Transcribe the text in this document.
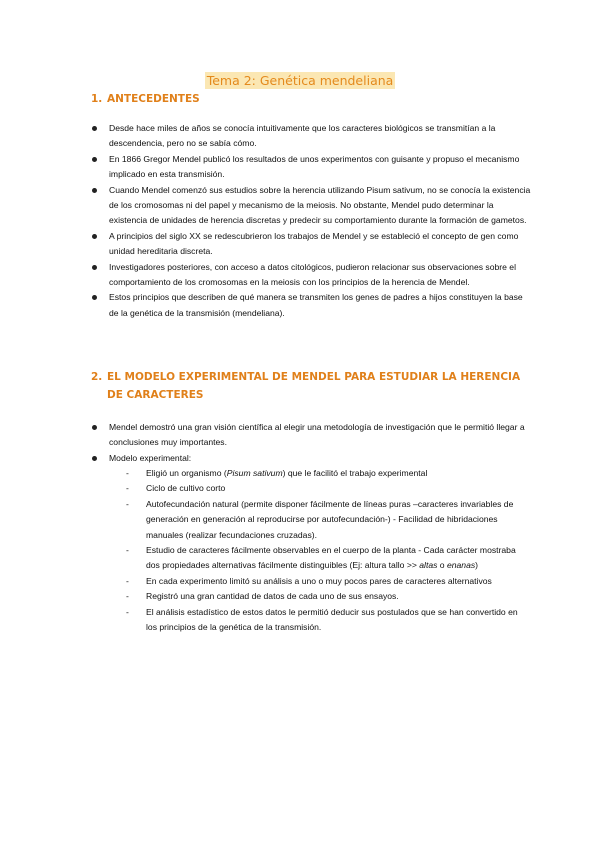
Tema 2: Genética mendeliana
1. ANTECEDENTES
Desde hace miles de años se conocía intuitivamente que los caracteres biológicos se transmitían a la descendencia, pero no se sabía cómo.
En 1866 Gregor Mendel publicó los resultados de unos experimentos con guisante y propuso el mecanismo implicado en esta transmisión.
Cuando Mendel comenzó sus estudios sobre la herencia utilizando Pisum sativum, no se conocía la existencia de los cromosomas ni del papel y mecanismo de la meiosis. No obstante, Mendel pudo determinar la existencia de unidades de herencia discretas y predecir su comportamiento durante la formación de gametos.
A principios del siglo XX se redescubrieron los trabajos de Mendel y se estableció el concepto de gen como unidad hereditaria discreta.
Investigadores posteriores, con acceso a datos citológicos, pudieron relacionar sus observaciones sobre el comportamiento de los cromosomas en la meiosis con los principios de la herencia de Mendel.
Estos principios que describen de qué manera se transmiten los genes de padres a hijos constituyen la base de la genética de la transmisión (mendeliana).
2. EL MODELO EXPERIMENTAL DE MENDEL PARA ESTUDIAR LA HERENCIA DE CARACTERES
Mendel demostró una gran visión científica al elegir una metodología de investigación que le permitió llegar a conclusiones muy importantes.
Modelo experimental:
- Eligió un organismo (Pisum sativum) que le facilitó el trabajo experimental
- Ciclo de cultivo corto
- Autofecundación natural (permite disponer fácilmente de líneas puras –caracteres invariables de generación en generación al reproducirse por autofecundación-) - Facilidad de hibridaciones manuales (realizar fecundaciones cruzadas).
- Estudio de caracteres fácilmente observables en el cuerpo de la planta - Cada carácter mostraba dos propiedades alternativas fácilmente distinguibles (Ej: altura tallo >> altas o enanas)
- En cada experimento limitó su análisis a uno o muy pocos pares de caracteres alternativos
- Registró una gran cantidad de datos de cada uno de sus ensayos.
- El análisis estadístico de estos datos le permitió deducir sus postulados que se han convertido en los principios de la genética de la transmisión.
